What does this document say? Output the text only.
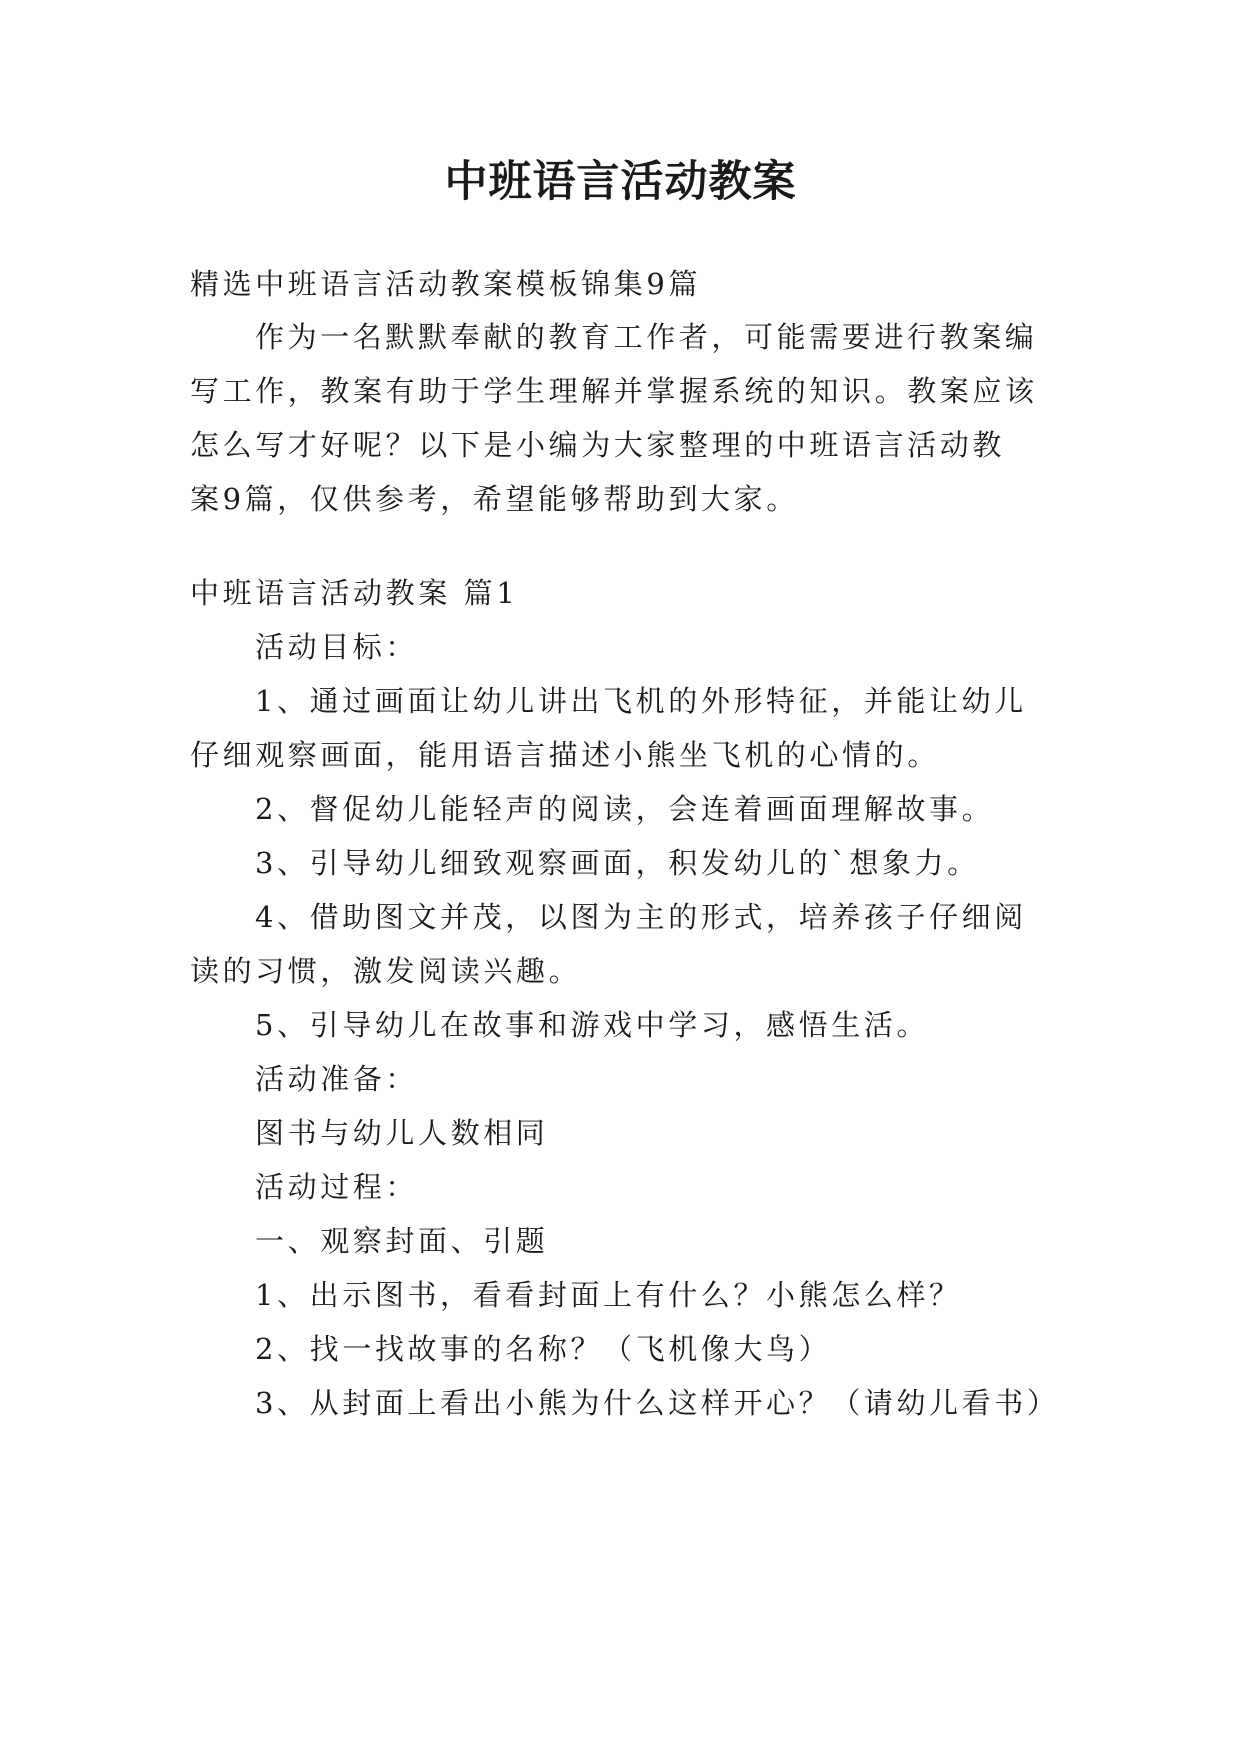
中班语言活动教案

精选中班语言活动教案模板锦集9篇

作为一名默默奉献的教育工作者，可能需要进行教案编

写工作，教案有助于学生理解并掌握系统的知识。教案应该

怎么写才好呢？以下是小编为大家整理的中班语言活动教

案9篇，仅供参考，希望能够帮助到大家。

中班语言活动教案 篇1

活动目标：

1、通过画面让幼儿讲出飞机的外形特征，并能让幼儿

仔细观察画面，能用语言描述小熊坐飞机的心情的。

2、督促幼儿能轻声的阅读，会连着画面理解故事。

3、引导幼儿细致观察画面，积发幼儿的`想象力。

4、借助图文并茂，以图为主的形式，培养孩子仔细阅

读的习惯，激发阅读兴趣。

5、引导幼儿在故事和游戏中学习，感悟生活。

活动准备：

图书与幼儿人数相同

活动过程：

一、观察封面、引题

1、出示图书，看看封面上有什么？小熊怎么样？

2、找一找故事的名称？（飞机像大鸟）

3、从封面上看出小熊为什么这样开心？（请幼儿看书）
